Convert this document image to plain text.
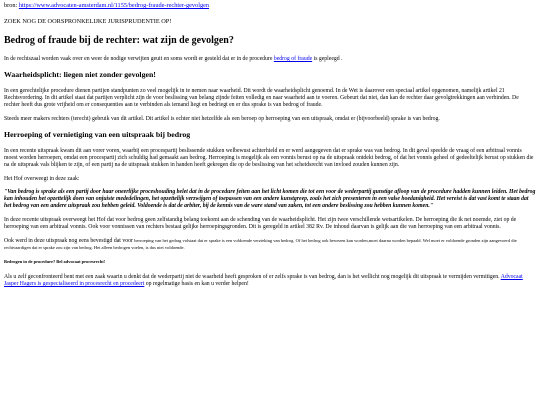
bron: https://www.advocaten-amsterdam.nl/1155/bedrog-fraude-rechter-gevolgen

ZOEK NOG DE OORSPRONKELIJKE JURISPRUDENTIE OP!

Bedrog of fraude bij de rechter: wat zijn de gevolgen?

In de rechtszaal worden vaak over en weer de nodige verwijten geuit en soms wordt er gesteld dat er in de procedure bedrog of fraude is gepleegd .

Waarheidsplicht: liegen niet zonder gevolgen!

In een gerechtelijke procedure dienen partijen standpunten zo veel mogelijk in te nemen naar waarheid. Dit wordt de waarheidsplicht genoemd. In de Wet is daarover een speciaal artikel opgenomen, namelijk artikel 21 Rechtsvordering. In dit artikel staat dat partijen verplicht zijn de voor beslissing van belang zijnde feiten volledig en naar waarheid aan te voeren. Gebeurt dat niet, dan kan de rechter daar gevolgtrekkingen aan verbinden. De rechter heeft dus grote vrijheid om er consequenties aan te verbinden als iemand liegt en bedriegt en er dus sprake is van bedrog of fraude.

Steeds meer makers rechters (terecht) gebruik van dit artikel. Dit artikel is echter niet hetzelfde als een beroep op herroeping van een uitspraak, omdat er (bijvoorbeeld) sprake is van bedrog.

Herroeping of vernietiging van een uitspraak bij bedrog

In een recente uitspraak kwam dit aan vorer voren, waarbij een procespartij beslissende stukken welbewust achterhield en er werd aangegeven dat er sprake was van bedrog. In dit geval speelde de vraag of een arbitraal vonnis moest worden herroepen, omdat een procespartij zich schuldig had gemaakt aan bedrog. Herroeping is mogelijk als een vonnis berust op na de uitspraak ontdekt bedrog, of dat het vonnis geheel of gedeeltelijk berust op stukken die na de uitspraak vals blijken te zijn, of een partij na de uitspraak stukken in handen heeft gekregen die op de beslissing van het scheidsrecht van invloed zouden kunnen zijn.

Het Hof overweegt in deze zaak:

"Van bedrog is sprake als een partij door haar oneerlijke proceshouding belet dat in de procedure feiten aan het licht komen die tot een voor de wederpartij gunstige afloop van de procedure hadden kunnen leiden. Het bedrog kan inhouden het opzettelijk doen van onjuiste mededelingen, het opzettelijk verzwijgen of toepassen van een andere kunstgreep, zoals het zich presenteren in een valse hoedanigheid. Het vereist is dat vast komt te staan dat het bedrog van een andere uitspraak zou hebben geleid. Voldoende is dat de arbiter, bij de kennis van de ware stand van zaken, tot een andere beslissing zou hebben kunnen komen."

In deze recente uitspraak overweegt het Hof dat voor bedrog geen zelfstandig belang toekomt aan de schending van de waarheidsplicht. Het zijn twee verschillende wetsartikelen. De herroeping die ik net noemde, ziet op de herroeping van een arbitraal vonnis. Ook voor vonnissen van rechters bestaat gelijke herroepingsgronden. Dit is geregeld in artikel 382 Rv. De inhoud daarvan is gelijk aan die van herroeping van een arbitraal vonnis.

Ook werd in deze uitspraak nog eens bevestigd dat voor herroeping van het gedrag volstaat dat er sprake is een voldoende verzieking van bedrog. Of het bedrog ook bewezen kan worden,moet daarna worden bepaald. Wel moet er voldoende gronden zijn aangevoerd die rechtvaardigen dat er sprake zou zijn van bedrog. Het alleen bedrogen voelen, is dus niet voldoende.

Bedrogen in de procedure? Bel advocaat procesrecht!

Als u zelf geconfronteerd bent met een zaak waarin u denkt dat de wederpartij niet de waarheid heeft gesproken of er zelfs sprake is van bedrog, dan is het wellicht nog mogelijk dit uitspraak te vermijden vermitigen. Advocaat Jasper Hagers is gespecialiseerd in procesrecht en procedeert op regelmatige basis en kan u verder helpen!
